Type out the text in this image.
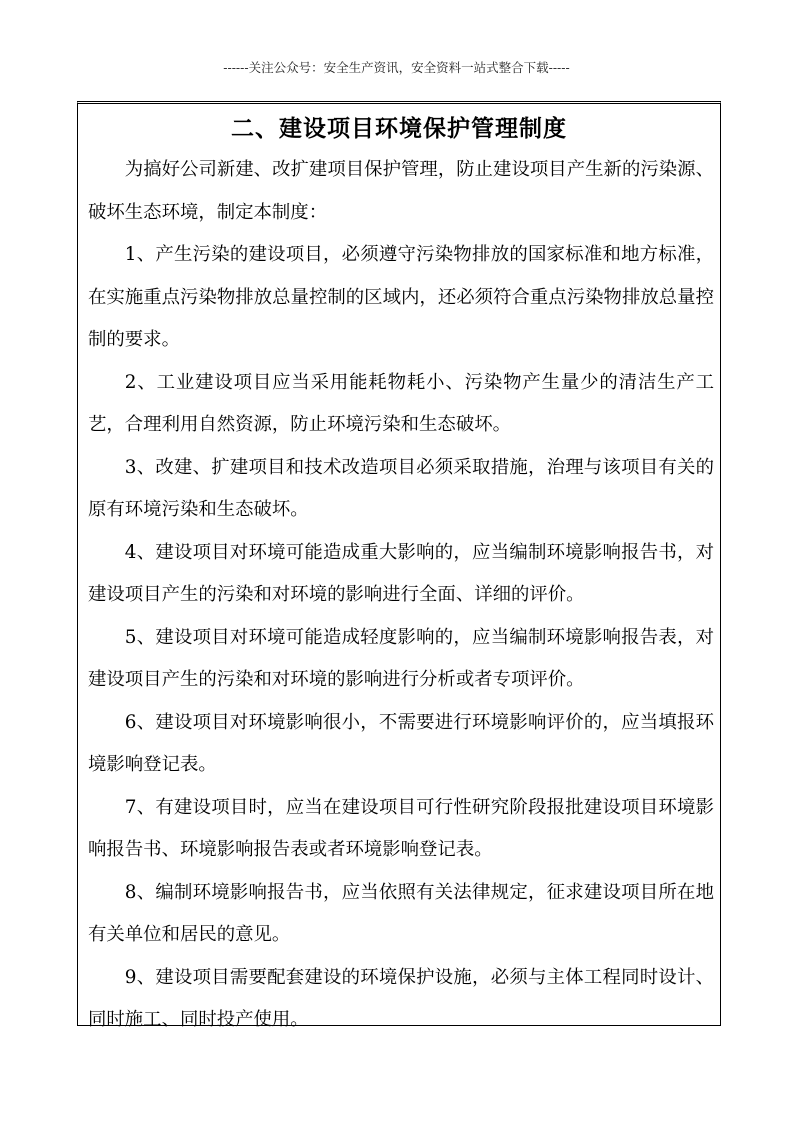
------关注公众号：安全生产资讯，安全资料一站式整合下载-----
二、建设项目环境保护管理制度

为搞好公司新建、改扩建项目保护管理，防止建设项目产生新的污染源、破坏生态环境，制定本制度：

1、产生污染的建设项目，必须遵守污染物排放的国家标准和地方标准，在实施重点污染物排放总量控制的区域内，还必须符合重点污染物排放总量控制的要求。

2、工业建设项目应当采用能耗物耗小、污染物产生量少的清洁生产工艺，合理利用自然资源，防止环境污染和生态破坏。

3、改建、扩建项目和技术改造项目必须采取措施，治理与该项目有关的原有环境污染和生态破坏。

4、建设项目对环境可能造成重大影响的，应当编制环境影响报告书，对建设项目产生的污染和对环境的影响进行全面、详细的评价。

5、建设项目对环境可能造成轻度影响的，应当编制环境影响报告表，对建设项目产生的污染和对环境的影响进行分析或者专项评价。

6、建设项目对环境影响很小，不需要进行环境影响评价的，应当填报环境影响登记表。

7、有建设项目时，应当在建设项目可行性研究阶段报批建设项目环境影响报告书、环境影响报告表或者环境影响登记表。

8、编制环境影响报告书，应当依照有关法律规定，征求建设项目所在地有关单位和居民的意见。

9、建设项目需要配套建设的环境保护设施，必须与主体工程同时设计、同时施工、同时投产使用。
